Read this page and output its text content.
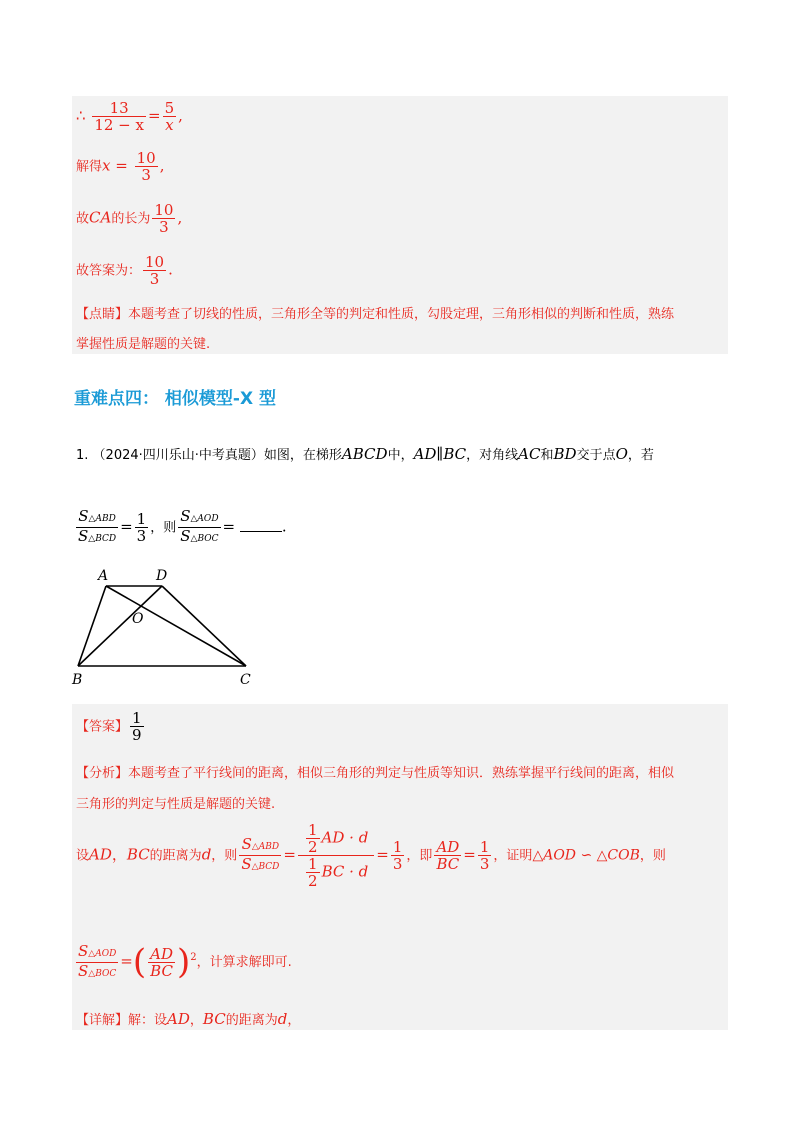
∴ $\frac{13}{12 - x} = \frac{5}{x}$ ,
解得$x = \frac{10}{3}$ ,
故CA的长为 $\frac{10}{3}$ ,
故答案为： $\frac{10}{3}$ .
【点睛】本题考查了切线的性质，三角形全等的判定和性质，勾股定理，三角形相似的判断和性质，熟练
掌握性质是解题的关键.
重难点四： 相似模型-X 型
1. （2024·四川乐山·中考真题）如图，在梯形ABCD中，AD∥BC，对角线AC和BD交于点O，若
$\frac{\text{S△ABD}}{\text{S△BCD}} = \frac{1}{3}$ ，则 $\frac{\text{S△AOD}}{\text{S△BOC}}$ =	.
A	D
O
B	C
【答案】 $\frac{1}{9}$
【分析】本题考查了平行线间的距离，相似三角形的判定与性质等知识．熟练掌握平行线间的距离，相似
三角形的判定与性质是解题的关键.
设AD，BC的距离为d，则 $\frac{\text{S△ABD}}{\text{S△BCD}} = \frac{\frac{1}{2} AD \cdot d}{\frac{1}{2} BC \cdot d} = \frac{1}{3}$ ，即 $\frac{AD}{BC} = \frac{1}{3}$ ，证明△AOD ∽ △COB，则
$\frac{\text{S△AOD}}{\text{S△BOC}}$ =( $\frac{AD}{BC} )^2$，计算求解即可.
【详解】解：设AD，BC的距离为d，
